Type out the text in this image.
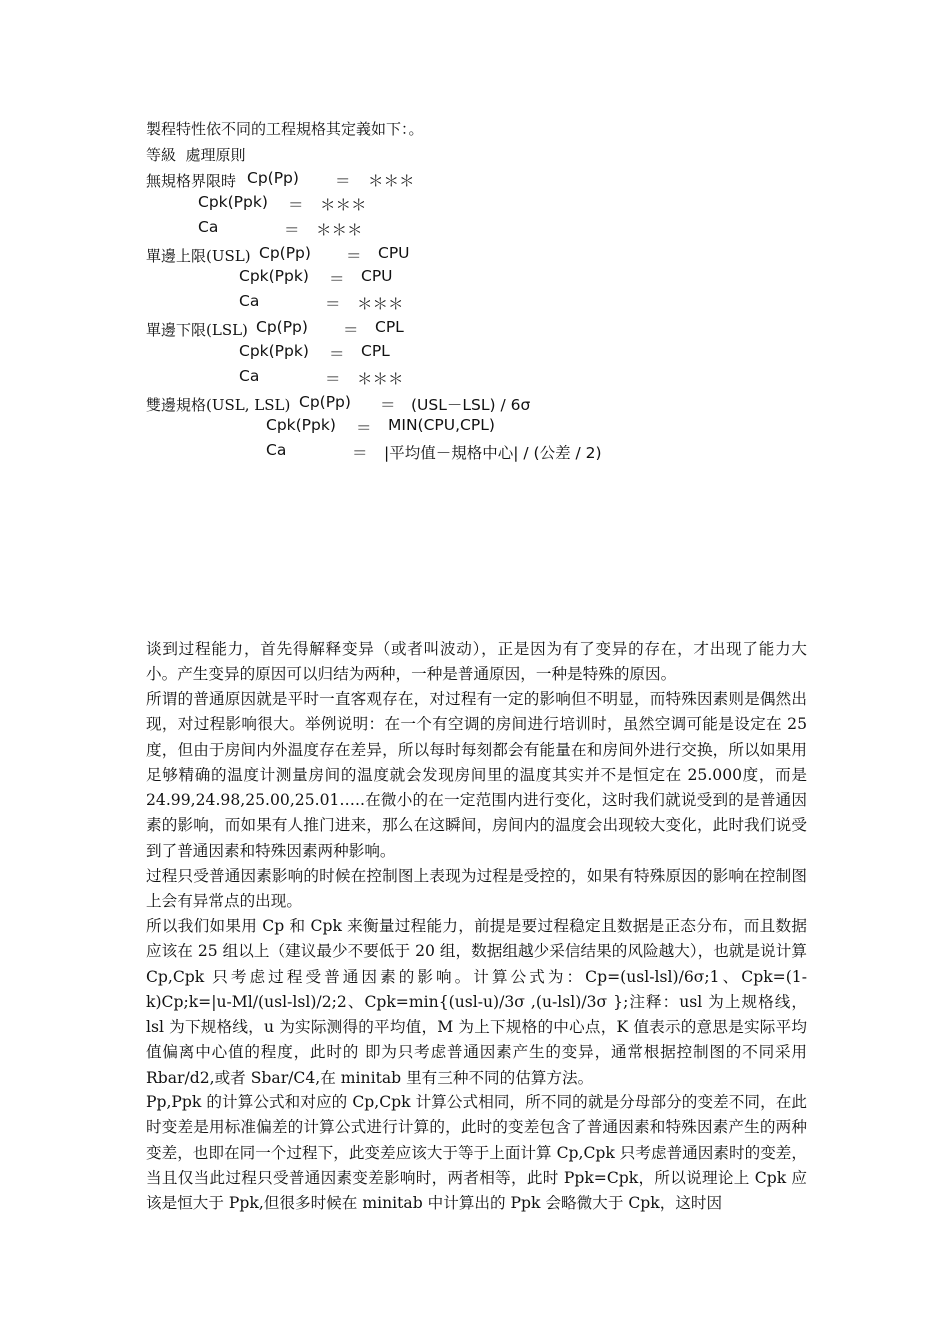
製程特性依不同的工程規格其定義如下：。
等級  處理原則
無規格界限時 Cp(Pp) ＝ ＊＊＊
Cpk(Ppk) ＝ ＊＊＊
Ca	＝ ＊＊＊
單邊上限(USL) Cp(Pp) ＝ CPU
Cpk(Ppk) ＝ CPU
Ca	＝ ＊＊＊
單邊下限(LSL) Cp(Pp) ＝ CPL
Cpk(Ppk) ＝ CPL
Ca	＝ ＊＊＊
雙邊規格(USL, LSL) Cp(Pp) ＝ (USL－LSL) / 6σ
Cpk(Ppk) ＝ MIN(CPU,CPL)
Ca	＝ |平均值－規格中心| / (公差 / 2)
谈到过程能力，首先得解释变异（或者叫波动），正是因为有了变异的存在，才出现了能力大小。产生变异的原因可以归结为两种，一种是普通原因，一种是特殊的原因。
所谓的普通原因就是平时一直客观存在，对过程有一定的影响但不明显，而特殊因素则是偶然出现，对过程影响很大。举例说明：在一个有空调的房间进行培训时，虽然空调可能是设定在 25 度，但由于房间内外温度存在差异，所以每时每刻都会有能量在和房间外进行交换，所以如果用足够精确的温度计测量房间的温度就会发现房间里的温度其实并不是恒定在 25.000度，而是 24.99,24.98,25.00,25.01…..在微小的在一定范围内进行变化，这时我们就说受到的是普通因素的影响，而如果有人推门进来，那么在这瞬间，房间内的温度会出现较大变化，此时我们说受到了普通因素和特殊因素两种影响。
过程只受普通因素影响的时候在控制图上表现为过程是受控的，如果有特殊原因的影响在控制图上会有异常点的出现。
所以我们如果用 Cp 和 Cpk 来衡量过程能力，前提是要过程稳定且数据是正态分布，而且数据应该在 25 组以上（建议最少不要低于 20 组，数据组越少采信结果的风险越大），也就是说计算 Cp,Cpk 只考虑过程受普通因素的影响。计算公式为：Cp=(usl-lsl)/6σ;1、Cpk=(1-k)Cp;k=|u-Ml/(usl-lsl)/2;2、Cpk=min{(usl-u)/3σ ,(u-lsl)/3σ };注释：usl 为上规格线，lsl 为下规格线，u 为实际测得的平均值，M 为上下规格的中心点，K 值表示的意思是实际平均值偏离中心值的程度，此时的 即为只考虑普通因素产生的变异，通常根据控制图的不同采用 Rbar/d2,或者 Sbar/C4,在 minitab 里有三种不同的估算方法。
Pp,Ppk 的计算公式和对应的 Cp,Cpk 计算公式相同，所不同的就是分母部分的变差不同，在此时变差是用标准偏差的计算公式进行计算的，此时的变差包含了普通因素和特殊因素产生的两种变差，也即在同一个过程下，此变差应该大于等于上面计算 Cp,Cpk 只考虑普通因素时的变差，当且仅当此过程只受普通因素变差影响时，两者相等，此时 Ppk=Cpk，所以说理论上 Cpk 应该是恒大于 Ppk,但很多时候在 minitab 中计算出的 Ppk 会略微大于 Cpk，这时因
